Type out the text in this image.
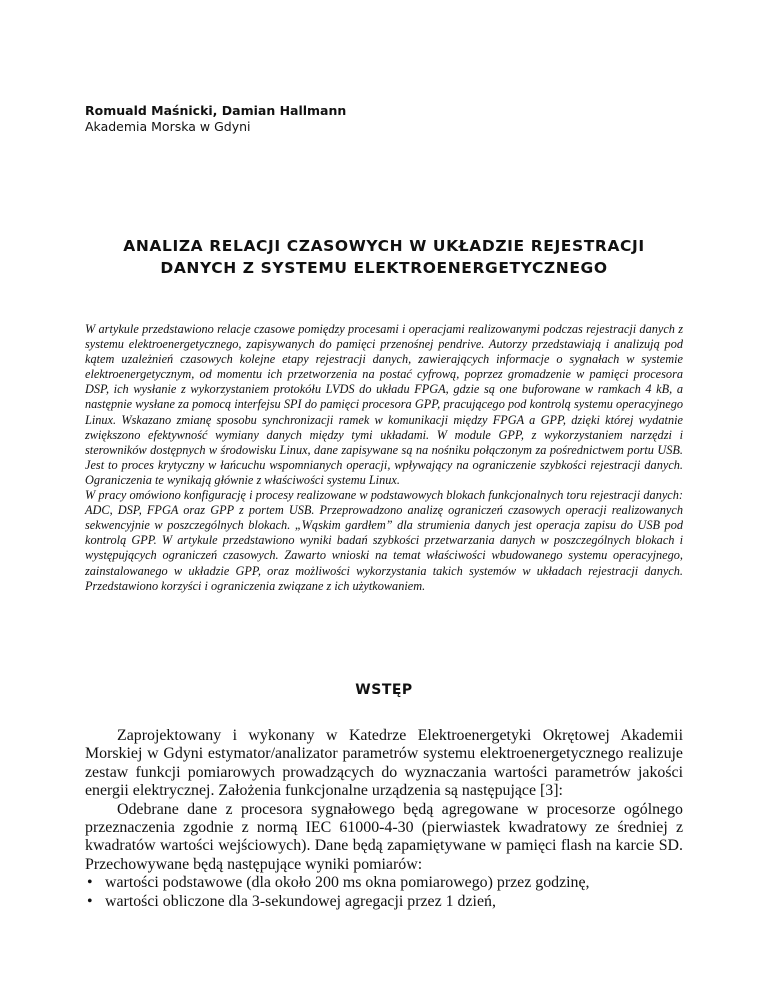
Romuald Maśnicki, Damian Hallmann
Akademia Morska w Gdyni
ANALIZA RELACJI CZASOWYCH W UKŁADZIE REJESTRACJI
DANYCH Z SYSTEMU ELEKTROENERGETYCZNEGO

W artykule przedstawiono relacje czasowe pomiędzy procesami i operacjami realizowanymi podczas rejestracji danych z systemu elektroenergetycznego, zapisywanych do pamięci przenośnej pendrive. Autorzy przedstawiają i analizują pod kątem uzależnień czasowych kolejne etapy rejestracji danych, zawierających informacje o sygnałach w systemie elektroenergetycznym, od momentu ich przetworzenia na postać cyfrową, poprzez gromadzenie w pamięci procesora DSP, ich wysłanie z wykorzystaniem protokółu LVDS do układu FPGA, gdzie są one buforowane w ramkach 4 kB, a następnie wysłane za pomocą interfejsu SPI do pamięci procesora GPP, pracującego pod kontrolą systemu operacyjnego Linux. Wskazano zmianę sposobu synchronizacji ramek w komunikacji między FPGA a GPP, dzięki której wydatnie zwiększono efektywność wymiany danych między tymi układami. W module GPP, z wykorzystaniem narzędzi i sterowników dostępnych w środowisku Linux, dane zapisywane są na nośniku połączonym za pośrednictwem portu USB. Jest to proces krytyczny w łańcuchu wspomnianych operacji, wpływający na ograniczenie szybkości rejestracji danych. Ograniczenia te wynikają głównie z właściwości systemu Linux.

W pracy omówiono konfigurację i procesy realizowane w podstawowych blokach funkcjonalnych toru rejestracji danych: ADC, DSP, FPGA oraz GPP z portem USB. Przeprowadzono analizę ograniczeń czasowych operacji realizowanych sekwencyjnie w poszczególnych blokach. „Wąskim gardłem” dla strumienia danych jest operacja zapisu do USB pod kontrolą GPP. W artykule przedstawiono wyniki badań szybkości przetwarzania danych w poszczególnych blokach i występujących ograniczeń czasowych. Zawarto wnioski na temat właściwości wbudowanego systemu operacyjnego, zainstalowanego w układzie GPP, oraz możliwości wykorzystania takich systemów w układach rejestracji danych. Przedstawiono korzyści i ograniczenia związane z ich użytkowaniem.

WSTĘP

Zaprojektowany i wykonany w Katedrze Elektroenergetyki Okrętowej Akademii Morskiej w Gdyni estymator/analizator parametrów systemu elektroenergetycznego realizuje zestaw funkcji pomiarowych prowadzących do wyznaczania wartości parametrów jakości energii elektrycznej. Założenia funkcjonalne urządzenia są następujące [3]:

Odebrane dane z procesora sygnałowego będą agregowane w procesorze ogólnego przeznaczenia zgodnie z normą IEC 61000-4-30 (pierwiastek kwadratowy ze średniej z kwadratów wartości wejściowych). Dane będą zapamiętywane w pamięci flash na karcie SD. Przechowywane będą następujące wyniki pomiarów:

• wartości podstawowe (dla około 200 ms okna pomiarowego) przez godzinę,
• wartości obliczone dla 3-sekundowej agregacji przez 1 dzień,
